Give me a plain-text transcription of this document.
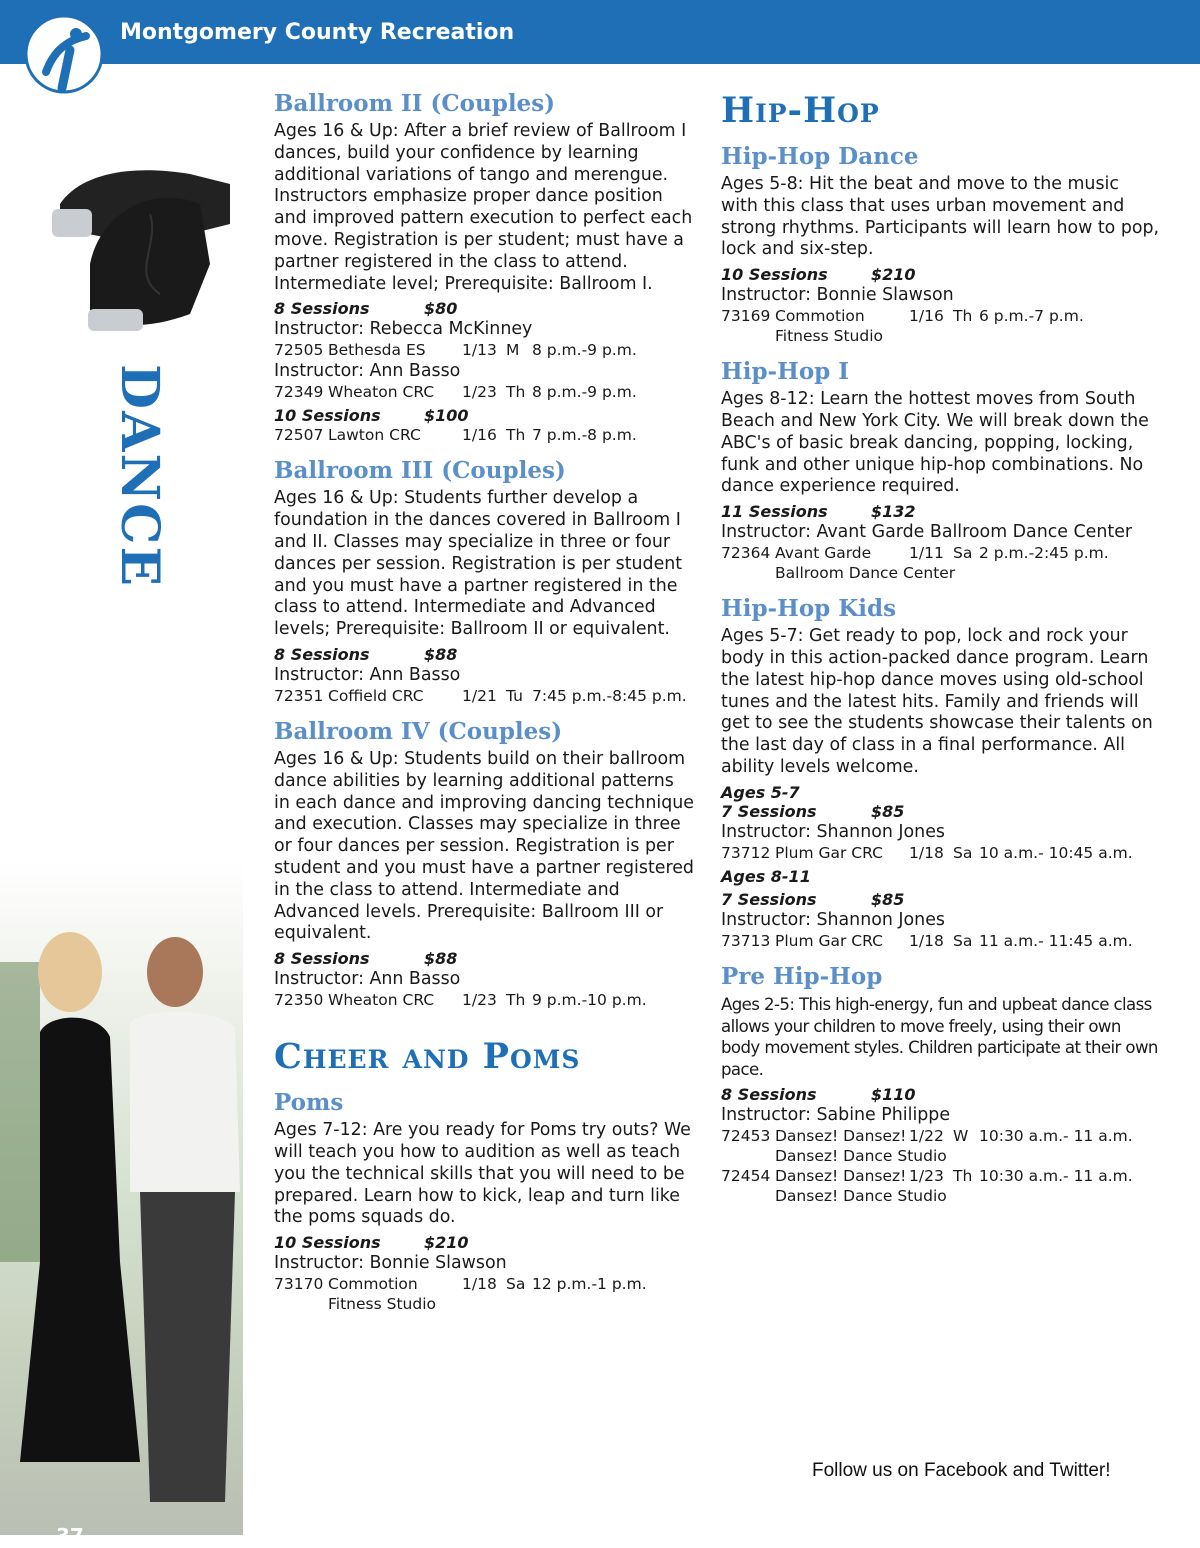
Montgomery County Recreation
DANCE
37
Ballroom II (Couples)
Ages 16 & Up: After a brief review of Ballroom I dances, build your confidence by learning additional variations of tango and merengue. Instructors emphasize proper dance position and improved pattern execution to perfect each move. Registration is per student; must have a partner registered in the class to attend. Intermediate level; Prerequisite: Ballroom I.
8 Sessions	$80
Instructor: Rebecca McKinney
72505 Bethesda ES	1/13 M 8 p.m.-9 p.m.
Instructor: Ann Basso
72349 Wheaton CRC	1/23 Th 8 p.m.-9 p.m.
10 Sessions	$100
72507 Lawton CRC	1/16 Th 7 p.m.-8 p.m.
Ballroom III (Couples)
Ages 16 & Up: Students further develop a foundation in the dances covered in Ballroom I and II. Classes may specialize in three or four dances per session. Registration is per student and you must have a partner registered in the class to attend. Intermediate and Advanced levels; Prerequisite: Ballroom II or equivalent.
8 Sessions	$88
Instructor: Ann Basso
72351 Coffield CRC	1/21 Tu 7:45 p.m.-8:45 p.m.
Ballroom IV (Couples)
Ages 16 & Up: Students build on their ballroom dance abilities by learning additional patterns in each dance and improving dancing technique and execution. Classes may specialize in three or four dances per session. Registration is per student and you must have a partner registered in the class to attend. Intermediate and Advanced levels. Prerequisite: Ballroom III or equivalent.
8 Sessions	$88
Instructor: Ann Basso
72350 Wheaton CRC	1/23 Th 9 p.m.-10 p.m.
Cheer and Poms
Poms
Ages 7-12: Are you ready for Poms try outs? We will teach you how to audition as well as teach you the technical skills that you will need to be prepared. Learn how to kick, leap and turn like the poms squads do.
10 Sessions	$210
Instructor: Bonnie Slawson
73170 Commotion	1/18 Sa 12 p.m.-1 p.m.
Fitness Studio
Hip-Hop
Hip-Hop Dance
Ages 5-8: Hit the beat and move to the music with this class that uses urban movement and strong rhythms. Participants will learn how to pop, lock and six-step.
10 Sessions	$210
Instructor: Bonnie Slawson
73169 Commotion	1/16 Th 6 p.m.-7 p.m.
Fitness Studio
Hip-Hop I
Ages 8-12: Learn the hottest moves from South Beach and New York City. We will break down the ABC's of basic break dancing, popping, locking, funk and other unique hip-hop combinations. No dance experience required.
11 Sessions	$132
Instructor: Avant Garde Ballroom Dance Center
72364 Avant Garde	1/11 Sa 2 p.m.-2:45 p.m.
Ballroom Dance Center
Hip-Hop Kids
Ages 5-7: Get ready to pop, lock and rock your body in this action-packed dance program. Learn the latest hip-hop dance moves using old-school tunes and the latest hits. Family and friends will get to see the students showcase their talents on the last day of class in a final performance. All ability levels welcome.
Ages 5-7
7 Sessions	$85
Instructor: Shannon Jones
73712 Plum Gar CRC	1/18 Sa 10 a.m.- 10:45 a.m.
Ages 8-11
7 Sessions	$85
Instructor: Shannon Jones
73713 Plum Gar CRC	1/18 Sa 11 a.m.- 11:45 a.m.
Pre Hip-Hop
Ages 2-5: This high-energy, fun and upbeat dance class allows your children to move freely, using their own body movement styles. Children participate at their own pace.
8 Sessions	$110
Instructor: Sabine Philippe
72453 Dansez! Dansez! 1/22 W 10:30 a.m.- 11 a.m.
Dansez! Dance Studio
72454 Dansez! Dansez! 1/23 Th 10:30 a.m.- 11 a.m.
Dansez! Dance Studio
Follow us on Facebook and Twitter!
